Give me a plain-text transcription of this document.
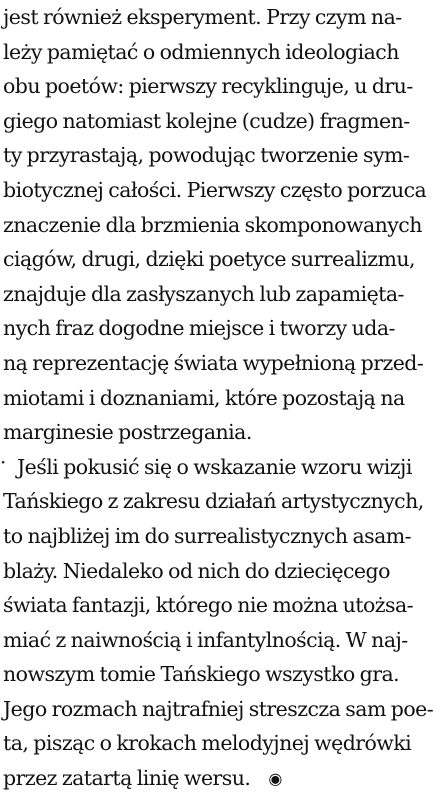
jest również eksperyment. Przy czym na-
leży pamiętać o odmiennych ideologiach
obu poetów: pierwszy recyklinguje, u dru-
giego natomiast kolejne (cudze) fragmen-
ty przyrastają, powodując tworzenie sym-
biotycznej całości. Pierwszy często porzuca
znaczenie dla brzmienia skomponowanych
ciągów, drugi, dzięki poetyce surrealizmu,
znajduje dla zasłyszanych lub zapamięta-
nych fraz dogodne miejsce i tworzy uda-
ną reprezentację świata wypełnioną przed-
miotami i doznaniami, które pozostają na
marginesie postrzegania.
· Jeśli pokusić się o wskazanie wzoru wizji
Tańskiego z zakresu działań artystycznych,
to najbliżej im do surrealistycznych asam-
blaży. Niedaleko od nich do dziecięcego
świata fantazji, którego nie można utożsa-
miać z naiwnością i infantylnością. W naj-
nowszym tomie Tańskiego wszystko gra.
Jego rozmach najtrafniej streszcza sam poe-
ta, pisząc o krokach melodyjnej wędrówki
przez zatartą linię wersu. ◉
